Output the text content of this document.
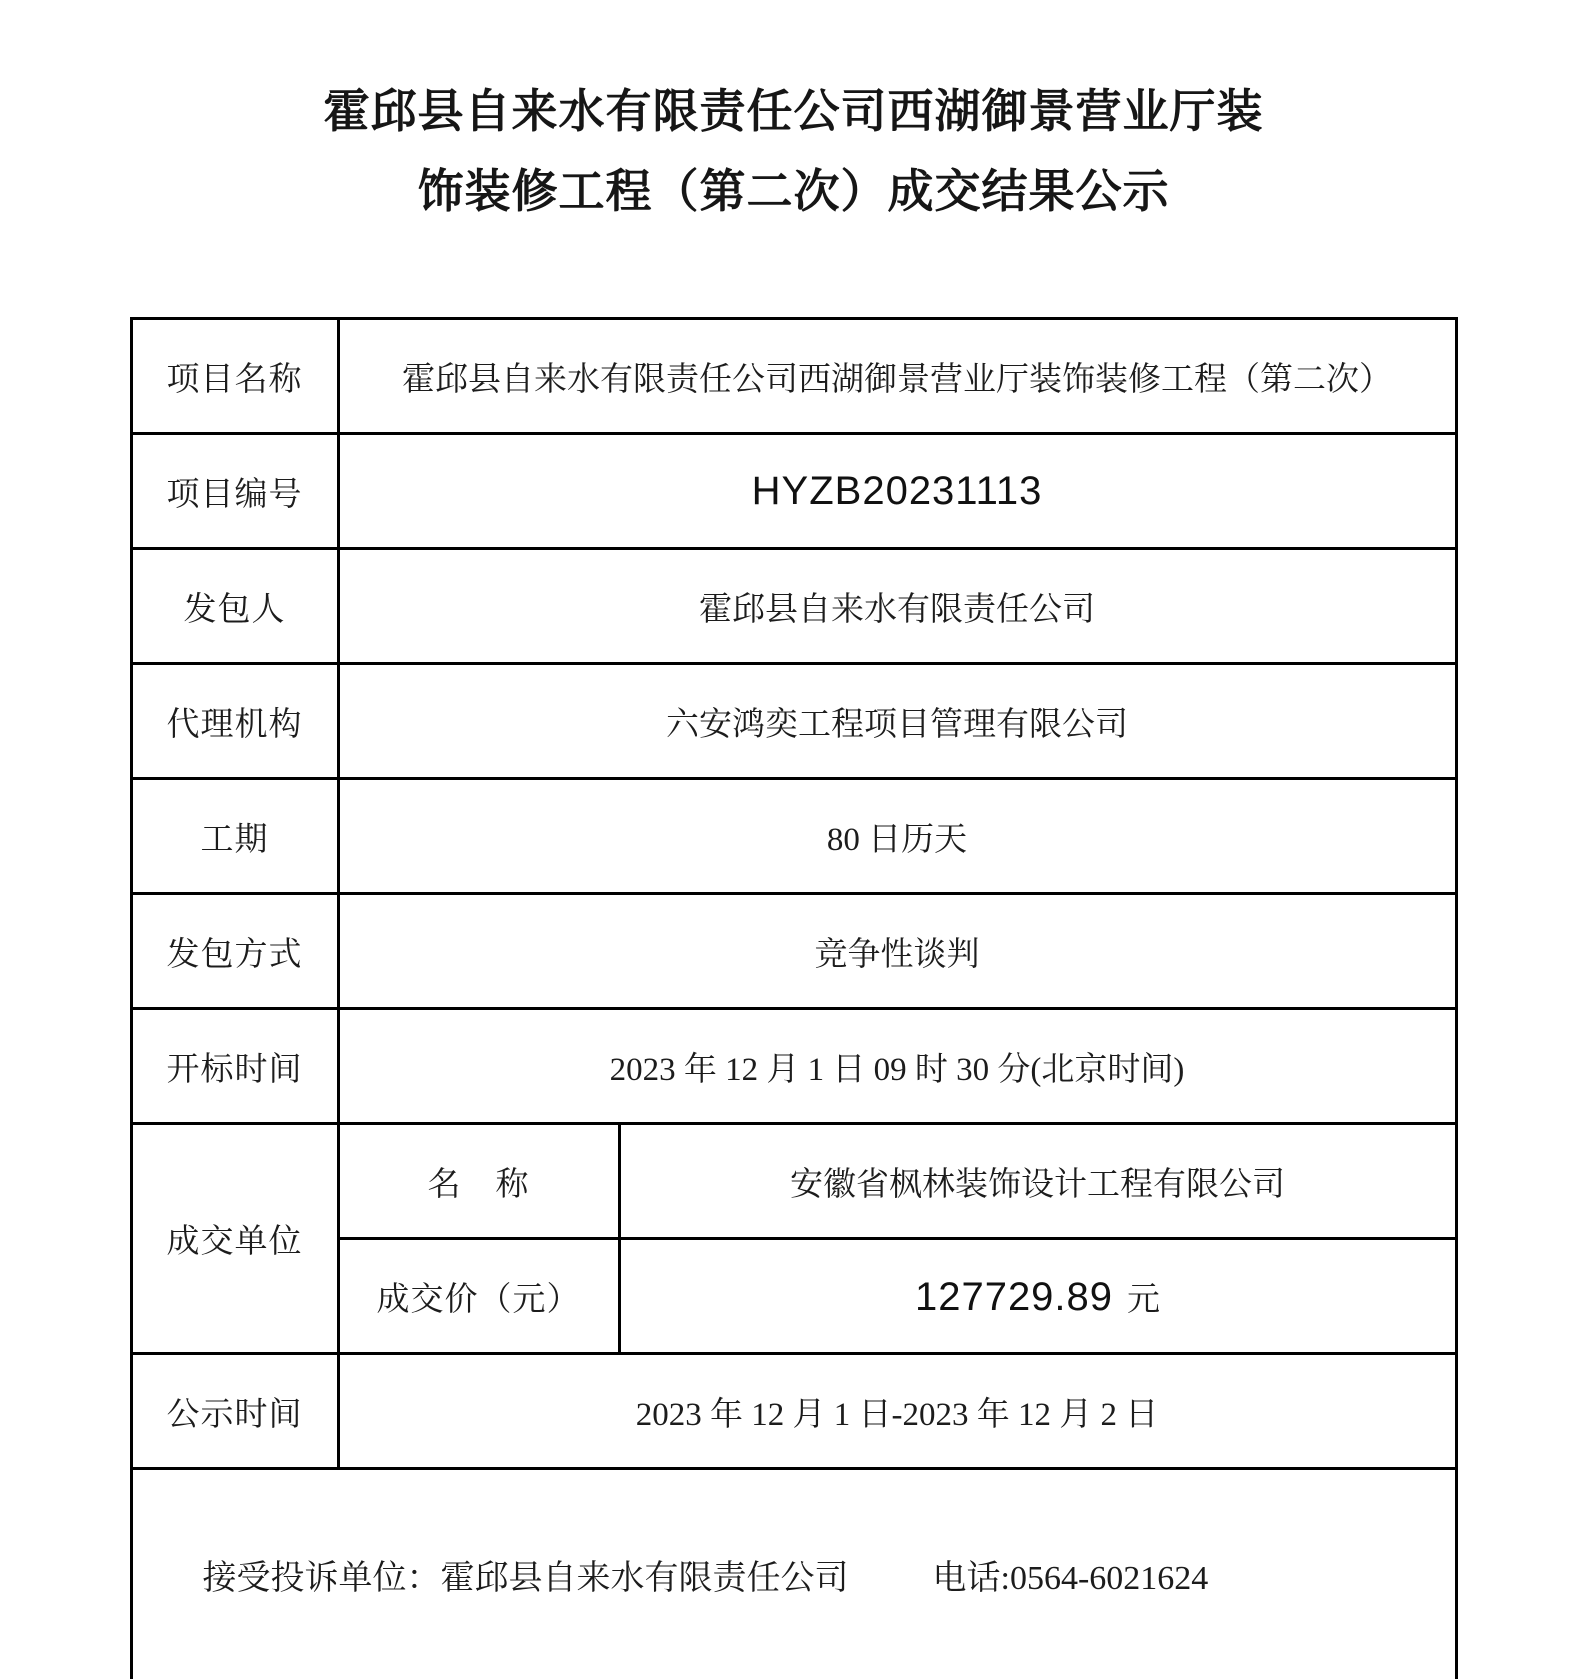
霍邱县自来水有限责任公司西湖御景营业厅装
饰装修工程（第二次）成交结果公示
项目名称	霍邱县自来水有限责任公司西湖御景营业厅装饰装修工程（第二次）	
项目编号	HYZB20231113	
发包人	霍邱县自来水有限责任公司	
代理机构	六安鸿奕工程项目管理有限公司	
工期	80 日历天	
发包方式	竞争性谈判	
开标时间	2023 年 12 月 1 日 09 时 30 分(北京时间)	
成交单位	名　称	安徽省枫林装饰设计工程有限公司
	成交价（元）	127729.89 元
公示时间	2023 年 12 月 1 日-2023 年 12 月 2 日	

接受投诉单位： 霍邱县自来水有限责任公司 电话:0564-6021624		
